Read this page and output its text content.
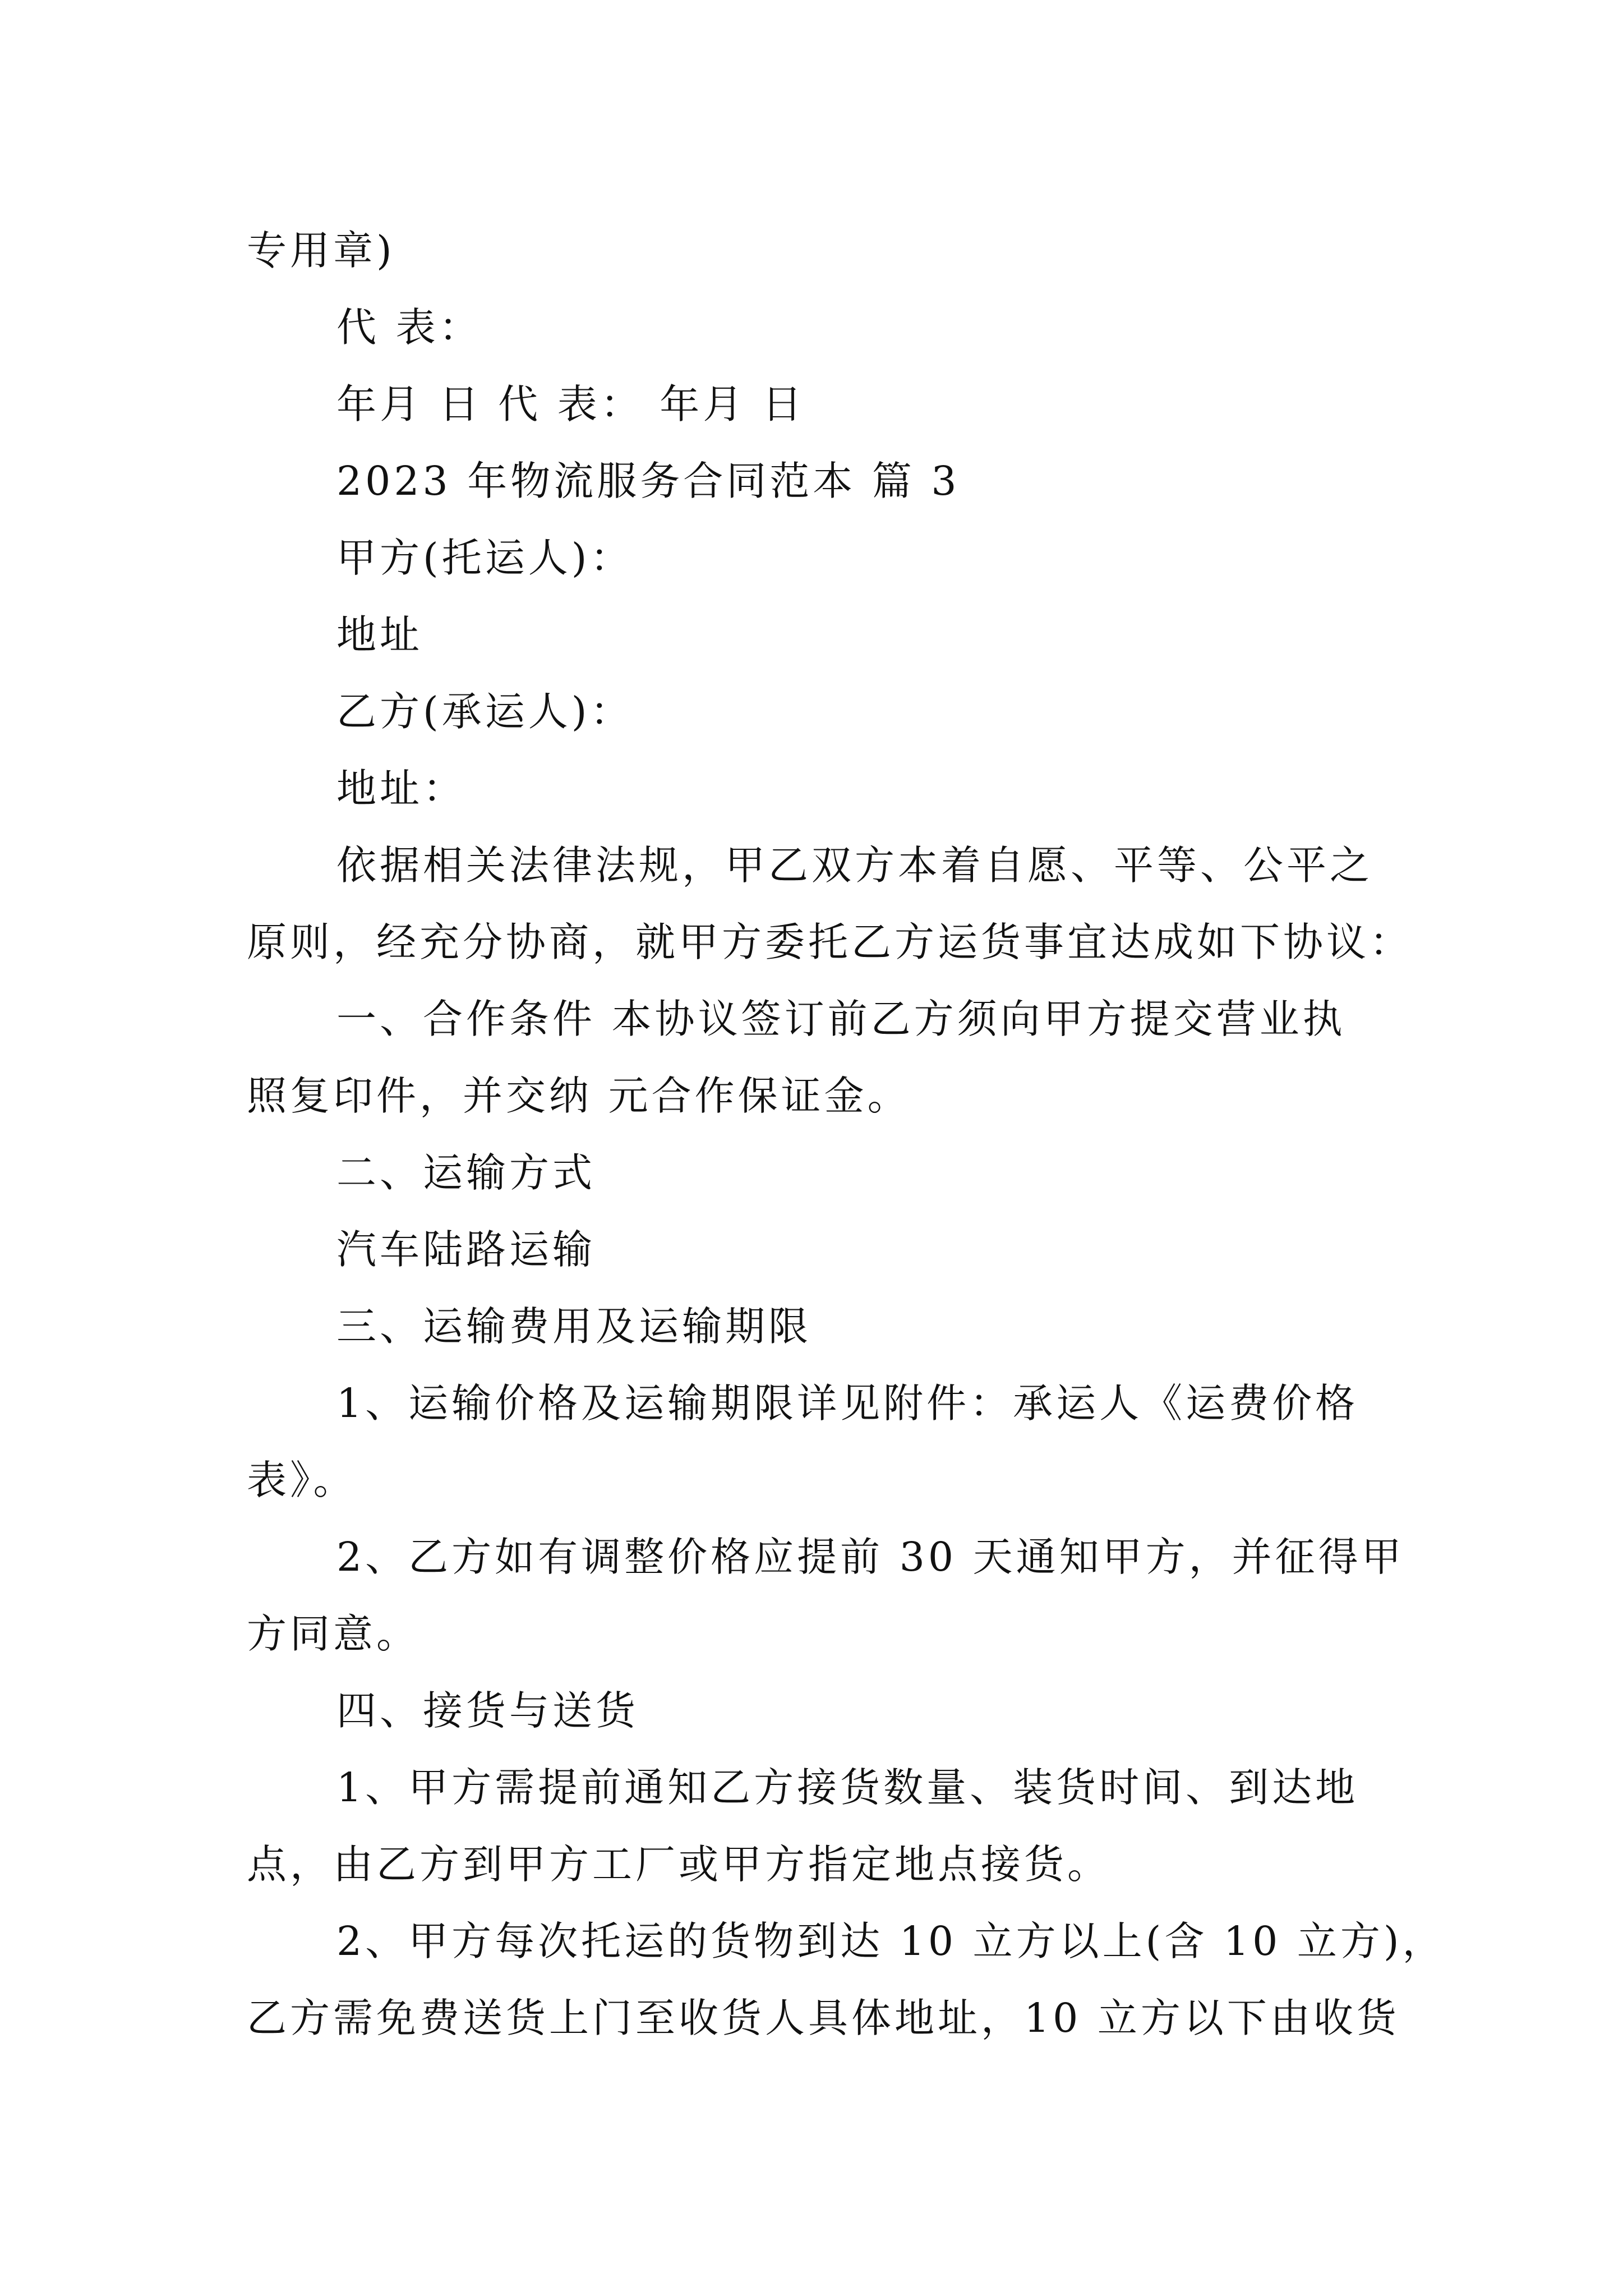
专用章)
代 表：
年月 日 代 表： 年月 日
2023 年物流服务合同范本 篇 3
甲方(托运人)：
地址
乙方(承运人)：
地址：
依据相关法律法规，甲乙双方本着自愿、平等、公平之
原则，经充分协商，就甲方委托乙方运货事宜达成如下协议：
一、合作条件 本协议签订前乙方须向甲方提交营业执
照复印件，并交纳 元合作保证金。
二、运输方式
汽车陆路运输
三、运输费用及运输期限
1、运输价格及运输期限详见附件：承运人《运费价格
表》。
2、乙方如有调整价格应提前 30 天通知甲方，并征得甲
方同意。
四、接货与送货
1、甲方需提前通知乙方接货数量、装货时间、到达地
点，由乙方到甲方工厂或甲方指定地点接货。
2、甲方每次托运的货物到达 10 立方以上(含 10 立方)，
乙方需免费送货上门至收货人具体地址，10 立方以下由收货
